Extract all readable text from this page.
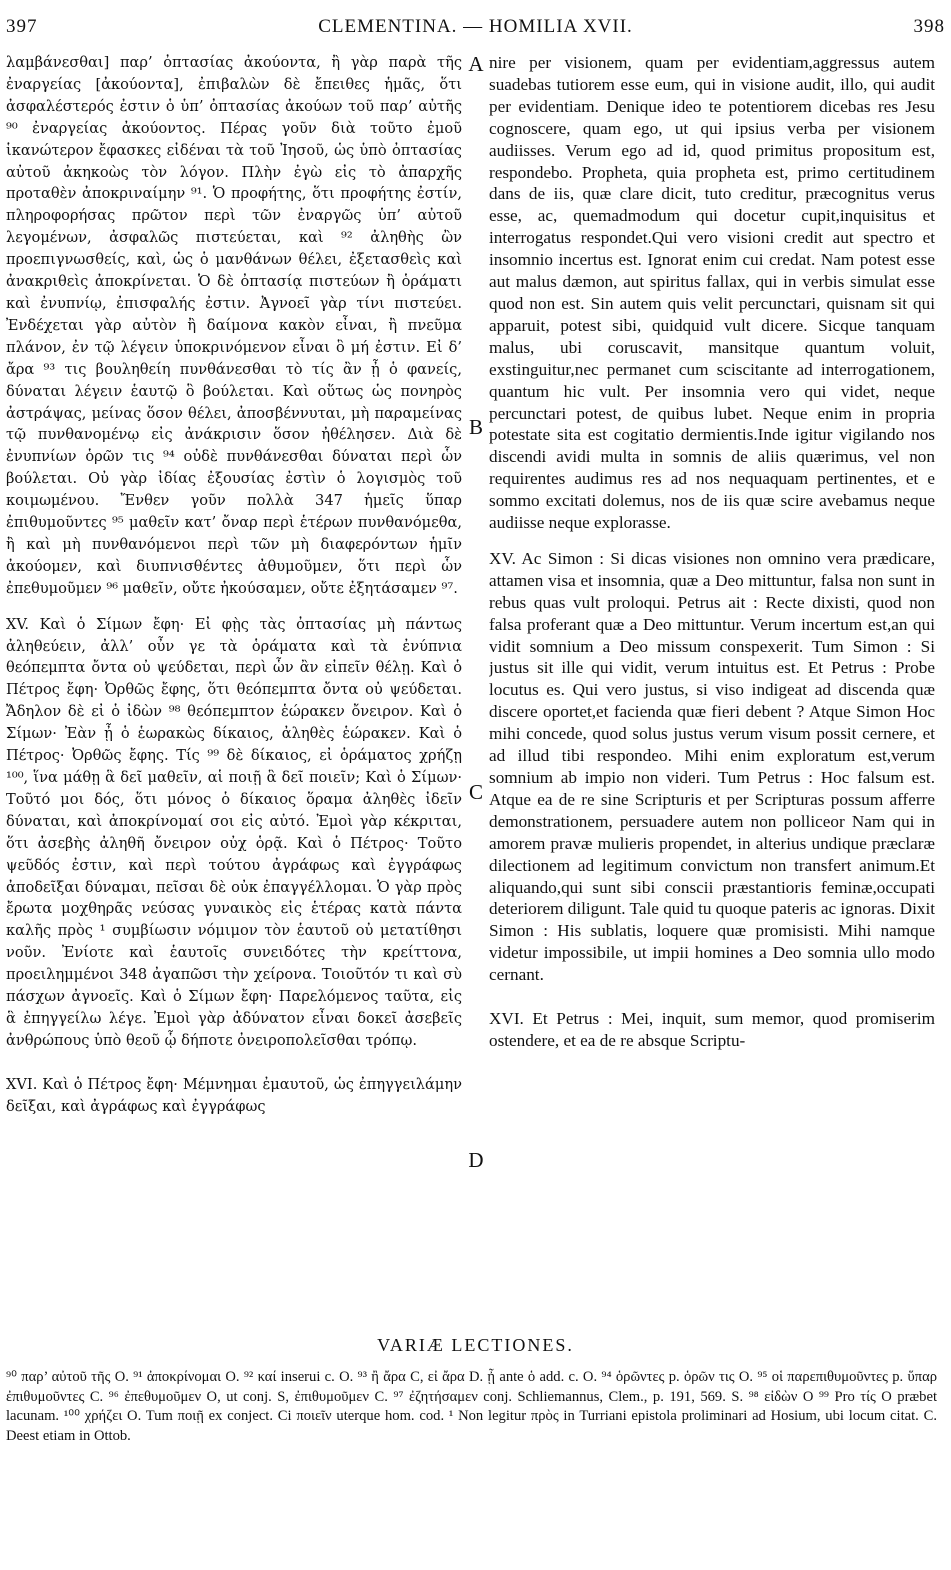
397	CLEMENTINA. — HOMILIA XVII.	398

λαμβάνεσθαι] παρ’ ὀπτασίας ἀκούοντα, ἢ γὰρ παρὰ τῆς ἐναργείας [ἀκούοντα], ἐπιβαλὼν δὲ ἔπειθες ἡμᾶς, ὅτι ἀσφαλέστερός ἐστιν ὁ ὑπ’ ὀπτασίας ἀκούων τοῦ παρ’ αὐτῆς ⁹⁰ ἐναργείας ἀκούοντος. Πέρας γοῦν διὰ τοῦτο ἐμοῦ ἱκανώτερον ἔφασκες εἰδέναι τὰ τοῦ Ἰησοῦ, ὡς ὑπὸ ὀπτασίας αὐτοῦ ἀκηκοὼς τὸν λόγον. Πλὴν ἐγὼ εἰς τὸ ἀπαρχῆς προταθὲν ἀποκριναίμην ⁹¹. Ὁ προφήτης, ὅτι προφήτης ἐστίν, πληροφορήσας πρῶτον περὶ τῶν ἐναργῶς ὑπ’ αὐτοῦ λεγομένων, ἀσφαλῶς πιστεύεται, καὶ ⁹² ἀληθὴς ὢν προεπιγνωσθείς, καὶ, ὡς ὁ μανθάνων θέλει, ἐξετασθεὶς καὶ ἀνακριθεὶς ἀποκρίνεται. Ὁ δὲ ὀπτασίᾳ πιστεύων ἢ ὁράματι καὶ ἐνυπνίῳ, ἐπισφαλής ἐστιν. Ἀγνοεῖ γὰρ τίνι πιστεύει. Ἐνδέχεται γὰρ αὐτὸν ἢ δαίμονα κακὸν εἶναι, ἢ πνεῦμα πλάνον, ἐν τῷ λέγειν ὑποκρινόμενον εἶναι ὃ μή ἐστιν. Εἰ δ’ ἄρα ⁹³ τις βουληθείη πυνθάνεσθαι τὸ τίς ἂν ᾖ ὁ φανείς, δύναται λέγειν ἑαυτῷ ὃ βούλεται. Καὶ οὕτως ὡς πονηρὸς ἀστράψας, μείνας ὅσον θέλει, ἀποσβέννυται, μὴ παραμείνας τῷ πυνθανομένῳ εἰς ἀνάκρισιν ὅσον ἠθέλησεν. Διὰ δὲ ἐνυπνίων ὁρῶν τις ⁹⁴ οὐδὲ πυνθάνεσθαι δύναται περὶ ὧν βούλεται. Οὐ γὰρ ἰδίας ἐξουσίας ἐστὶν ὁ λογισμὸς τοῦ κοιμωμένου. Ἔνθεν γοῦν πολλὰ 347 ἡμεῖς ὕπαρ ἐπιθυμοῦντες ⁹⁵ μαθεῖν κατ’ ὄναρ περὶ ἑτέρων πυνθανόμεθα, ἢ καὶ μὴ πυνθανόμενοι περὶ τῶν μὴ διαφερόντων ἡμῖν ἀκούομεν, καὶ διυπνισθέντες ἀθυμοῦμεν, ὅτι περὶ ὧν ἐπεθυμοῦμεν ⁹⁶ μαθεῖν, οὔτε ἠκούσαμεν, οὔτε ἐξητάσαμεν ⁹⁷.

XV. Καὶ ὁ Σίμων ἔφη· Εἰ φῂς τὰς ὀπτασίας μὴ πάντως ἀληθεύειν, ἀλλ’ οὖν γε τὰ ὁράματα καὶ τὰ ἐνύπνια θεόπεμπτα ὄντα οὐ ψεύδεται, περὶ ὧν ἂν εἰπεῖν θέλῃ. Καὶ ὁ Πέτρος ἔφη· Ὀρθῶς ἔφης, ὅτι θεόπεμπτα ὄντα οὐ ψεύδεται. Ἄδηλον δὲ εἰ ὁ ἰδὼν ⁹⁸ θεόπεμπτον ἑώρακεν ὄνειρον. Καὶ ὁ Σίμων· Ἐὰν ᾖ ὁ ἑωρακὼς δίκαιος, ἀληθὲς ἑώρακεν. Καὶ ὁ Πέτρος· Ὀρθῶς ἔφης. Τίς ⁹⁹ δὲ δίκαιος, εἰ ὁράματος χρήζῃ ¹⁰⁰, ἵνα μάθῃ ἃ δεῖ μαθεῖν, αἱ ποιῇ ἃ δεῖ ποιεῖν; Καὶ ὁ Σίμων· Τοῦτό μοι δός, ὅτι μόνος ὁ δίκαιος ὅραμα ἀληθὲς ἰδεῖν δύναται, καὶ ἀποκρίνομαί σοι εἰς αὐτό. Ἐμοὶ γὰρ κέκριται, ὅτι ἀσεβὴς ἀληθῆ ὄνειρον οὐχ ὁρᾷ. Καὶ ὁ Πέτρος· Τοῦτο ψεῦδός ἐστιν, καὶ περὶ τούτου ἀγράφως καὶ ἐγγράφως ἀποδεῖξαι δύναμαι, πεῖσαι δὲ οὐκ ἐπαγγέλλομαι. Ὁ γὰρ πρὸς ἔρωτα μοχθηρᾶς νεύσας γυναικὸς εἰς ἑτέρας κατὰ πάντα καλῆς πρὸς ¹ συμβίωσιν νόμιμον τὸν ἑαυτοῦ οὐ μετατίθησι νοῦν. Ἐνίοτε καὶ ἑαυτοῖς συνειδότες τὴν κρείττονα, προειλημμένοι 348 ἀγαπῶσι τὴν χείρονα. Τοιοῦτόν τι καὶ σὺ πάσχων ἀγνοεῖς. Καὶ ὁ Σίμων ἔφη· Παρελόμενος ταῦτα, εἰς ἃ ἐπηγγείλω λέγε. Ἐμοὶ γὰρ ἀδύνατον εἶναι δοκεῖ ἀσεβεῖς ἀνθρώπους ὑπὸ θεοῦ ᾧ δήποτε ὀνειροπολεῖσθαι τρόπῳ.

XVI. Καὶ ὁ Πέτρος ἔφη· Μέμνημαι ἐμαυτοῦ, ὡς ἐπηγγειλάμην δεῖξαι, καὶ ἀγράφως καὶ ἐγγράφως

A
B
C
D

nire per visionem, quam per evidentiam,aggressus autem suadebas tutiorem esse eum, qui in visione audit, illo, qui audit per evidentiam. Denique ideo te potentiorem dicebas res Jesu cognoscere, quam ego, ut qui ipsius verba per visionem audiisses. Verum ego ad id, quod primitus propositum est, respondebo. Propheta, quia propheta est, primo certitudinem dans de iis, quæ clare dicit, tuto creditur, præcognitus verus esse, ac, quemadmodum qui docetur cupit,inquisitus et interrogatus respondet.Qui vero visioni credit aut spectro et insomnio incertus est. Ignorat enim cui credat. Nam potest esse aut malus dæmon, aut spiritus fallax, qui in verbis simulat esse quod non est. Sin autem quis velit percunctari, quisnam sit qui apparuit, potest sibi, quidquid vult dicere. Sicque tanquam malus, ubi coruscavit, mansitque quantum voluit, exstinguitur,nec permanet cum sciscitante ad interrogationem, quantum hic vult. Per insomnia vero qui videt, neque percunctari potest, de quibus lubet. Neque enim in propria potestate sita est cogitatio dermientis.Inde igitur vigilando nos discendi avidi multa in somnis de aliis quærimus, vel non requirentes audimus res ad nos nequaquam pertinentes, et e sommo excitati dolemus, nos de iis quæ scire avebamus neque audiisse neque explorasse.

XV. Ac Simon : Si dicas visiones non omnino vera prædicare, attamen visa et insomnia, quæ a Deo mittuntur, falsa non sunt in rebus quas vult proloqui. Petrus ait : Recte dixisti, quod non falsa proferant quæ a Deo mittuntur. Verum incertum est,an qui vidit somnium a Deo missum conspexerit. Tum Simon : Si justus sit ille qui vidit, verum intuitus est. Et Petrus : Probe locutus es. Qui vero justus, si viso indigeat ad discenda quæ discere oportet,et facienda quæ fieri debent ? Atque Simon Hoc mihi concede, quod solus justus verum visum possit cernere, et ad illud tibi respondeo. Mihi enim exploratum est,verum somnium ab impio non videri. Tum Petrus : Hoc falsum est. Atque ea de re sine Scripturis et per Scripturas possum afferre demonstrationem, persuadere autem non polliceor Nam qui in amorem pravæ mulieris propendet, in alterius undique præclaræ dilectionem ad legitimum convictum non transfert animum.Et aliquando,qui sunt sibi conscii præstantioris feminæ,occupati deteriorem diligunt. Tale quid tu quoque pateris ac ignoras. Dixit Simon : His sublatis, loquere quæ promisisti. Mihi namque videtur impossibile, ut impii homines a Deo somnia ullo modo cernant.

XVI. Et Petrus : Mei, inquit, sum memor, quod promiserim ostendere, et ea de re absque Scriptu-

VARIÆ LECTIONES.
⁹⁰ παρ’ αὐτοῦ τῆς O. ⁹¹ ἀποκρίνομαι O. ⁹² καί inserui c. O. ⁹³ ἢ ἄρα C, εἰ ἄρα D. ᾖ ante ὁ add. c. O. ⁹⁴ ὁρῶντες p. ὁρῶν τις O. ⁹⁵ οἱ παρεπιθυμοῦντες p. ὕπαρ ἐπιθυμοῦντες C. ⁹⁶ ἐπεθυμοῦμεν O, ut conj. S, ἐπιθυμοῦμεν C. ⁹⁷ ἐζητήσαμεν conj. Schliemannus, Clem., p. 191, 569. S. ⁹⁸ εἰδὼν O ⁹⁹ Pro τίς O præbet lacunam. ¹⁰⁰ χρήζει O. Tum ποιῇ ex conject. Ci ποιεῖν uterque hom. cod. ¹ Non legitur πρὸς in Turriani epistola proliminari ad Hosium, ubi locum citat. C. Deest etiam in Ottob.
